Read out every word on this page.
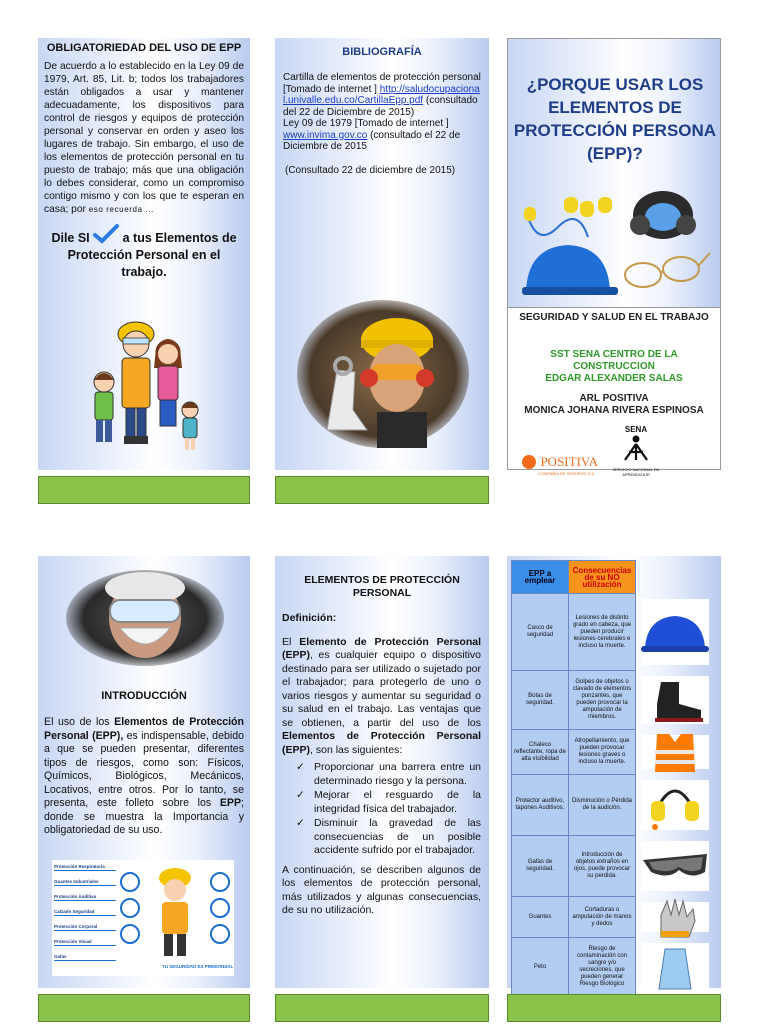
OBLIGATORIEDAD DEL USO DE EPP
De acuerdo a lo establecido en la Ley 09 de 1979, Art. 85, Lit. b; todos los trabajadores están obligados a usar y mantener adecuadamente, los dispositivos para control de riesgos y equipos de protección personal y conservar en orden y aseo los lugares de trabajo. Sin embargo, el uso de los elementos de protección personal en tu puesto de trabajo; más que una obligación lo debes considerar, como un compromiso contigo mismo y con los que te esperan en casa; por eso recuerda ...
Dile SI	a tus Elementos de Protección Personal en el trabajo.
BIBLIOGRAFÍA
Cartilla de elementos de protección personal [Tomado de internet ] http://saludocupacional.univalle.edu.co/CartillaEpp.pdf (consultado del 22 de Diciembre de 2015)
Ley 09 de 1979 [Tomado de internet ]
www.invima.gov.co (consultado el 22 de Diciembre de 2015
(Consultado 22 de diciembre de 2015)
¿PORQUE USAR LOS ELEMENTOS DE PROTECCIÓN PERSONA (EPP)?
SEGURIDAD Y SALUD EN EL TRABAJO
SST SENA CENTRO DE LA CONSTRUCCION
EDGAR ALEXANDER SALAS
ARL POSITIVA
MONICA JOHANA RIVERA ESPINOSA
POSITIVA
COMPAÑÍA DE SEGUROS S.A.
SENA
SERVICIO NACIONAL DE APRENDIZAJE
INTRODUCCIÓN
El uso de los Elementos de Protección Personal (EPP), es indispensable, debido a que se pueden presentar, diferentes tipos de riesgos, como son: Físicos, Químicos, Biológicos, Mecánicos, Locativos, entre otros. Por lo tanto, se presenta, este folleto sobre los EPP; donde se muestra la Importancia y obligatoriedad de su uso.
Protección Respiratoria
Guantes Industriales
Protección Auditiva
Calzado Seguridad
Protección Corporal
Protección Visual
Gafas
TU SEGURIDAD ES PRIMORDIAL
ELEMENTOS DE PROTECCIÓN PERSONAL
Definición:
El Elemento de Protección Personal (EPP), es cualquier equipo o dispositivo destinado para ser utilizado o sujetado por el trabajador; para protegerlo de uno o varios riesgos y aumentar su seguridad o su salud en el trabajo. Las ventajas que se obtienen, a partir del uso de los Elementos de Protección Personal (EPP), son las siguientes:
✓ Proporcionar una barrera entre un determinado riesgo y la persona.
✓ Mejorar el resguardo de la integridad física del trabajador.
✓ Disminuir la gravedad de las consecuencias de un posible accidente sufrido por el trabajador.
A continuación, se describen algunos de los elementos de protección personal, más utilizados y algunas consecuencias, de su no utilización.
EPP a emplear	Consecuencias de su NO utilización	
Casco de seguridad	Lesiones de distinto grado en cabeza, que pueden producir lesiones cerebrales e incluso la muerte.	

Botas de seguridad.	Golpes de objetos o clavado de elementos punzantes, que pueden provocar la amputación de miembros.	

Chaleco reflectante, ropa de alta visibilidad	Atropellamiento, que pueden provocar lesiones graves o incluso la muerte.	

Protector auditivo, tapones Auditivos.	Disminución o Pérdida de la audición.	

Gafas de seguridad.	Introducción de objetos extraños en ojos, puede provocar su perdida.	

Guantes	Cortaduras o amputación de manos y dedos	

Peto	Riesgo de contaminación con sangre y/o secreciones, que pueden generar Riesgo Biológico	
